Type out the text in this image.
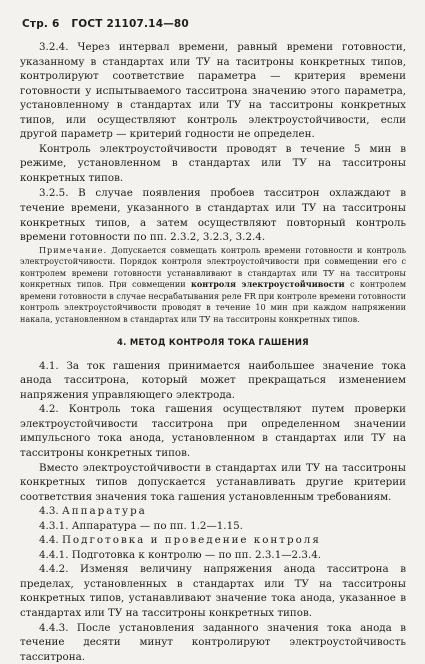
Стр. 6 ГОСТ 21107.14—80

3.2.4. Через интервал времени, равный времени готовности, указанному в стандартах или ТУ на таситроны конкретных типов, контролируют соответствие параметра — критерия времени готовности у испытываемого тасситрона значению этого параметра, установленному в стандартах или ТУ на тасситроны конкретных типов, или осуществляют контроль электроустойчивости, если другой параметр — критерий годности не определен.

Контроль электроустойчивости проводят в течение 5 мин в режиме, установленном в стандартах или ТУ на тасситроны конкретных типов.

3.2.5. В случае появления пробоев тасситрон охлаждают в течение времени, указанного в стандартах или ТУ на тасситроны конкретных типов, а затем осуществляют повторный контроль времени готовности по пп. 2.3.2, 3.2.3, 3.2.4.

Примечание. Допускается совмещать контроль времени готовности и контроль электроустойчивости. Порядок контроля электроустойчивости при совмещении его с контролем времени готовности устанавливают в стандартах или ТУ на тасситроны конкретных типов. При совмещении контроля электроустойчивости с контролем времени готовности в случае несрабатывания реле FR при контроле времени готовности контроль электроустойчивости проводят в течение 10 мин при каждом напряжении накала, установленном в стандартах или ТУ на тасситроны конкретных типов.

4. МЕТОД КОНТРОЛЯ ТОКА ГАШЕНИЯ

4.1. За ток гашения принимается наибольшее значение тока анода тасситрона, который может прекращаться изменением напряжения управляющего электрода.

4.2. Контроль тока гашения осуществляют путем проверки электроустойчивости тасситрона при определенном значении импульсного тока анода, установленном в стандартах или ТУ на тасситроны конкретных типов.

Вместо электроустойчивости в стандартах или ТУ на тасситроны конкретных типов допускается устанавливать другие критерии соответствия значения тока гашения установленным требованиям.

4.3. Аппаратура

4.3.1. Аппаратура — по пп. 1.2—1.15.

4.4. Подготовка и проведение контроля

4.4.1. Подготовка к контролю — по пп. 2.3.1—2.3.4.

4.4.2. Изменяя величину напряжения анода тасситрона в пределах, установленных в стандартах или ТУ на тасситроны конкретных типов, устанавливают значение тока анода, указанное в стандартах или ТУ на тасситроны конкретных типов.

4.4.3. После установления заданного значения тока анода в течение десяти минут контролируют электроустойчивость тасситрона.
